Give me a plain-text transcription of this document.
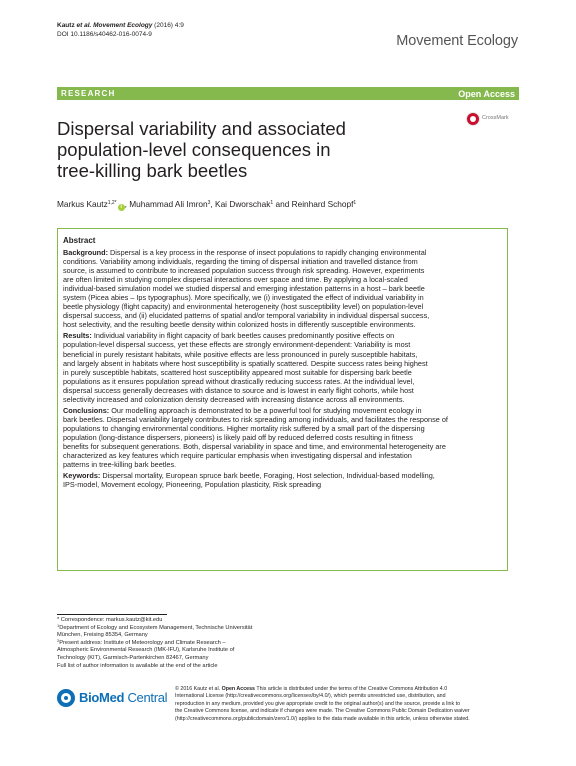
Kautz et al. Movement Ecology (2016) 4:9
DOI 10.1186/s40462-016-0074-9	Movement Ecology
RESEARCH	Open Access
CrossMark
Dispersal variability and associated
population-level consequences in
tree-killing bark beetles
Markus Kautz$^{1,2*}$i , Muhammad Ali Imron$^3$, Kai Dworschak$^1$ and Reinhard Schopf$^1$
Abstract
Background: Dispersal is a key process in the response of insect populations to rapidly changing environmental
conditions. Variability among individuals, regarding the timing of dispersal initiation and travelled distance from
source, is assumed to contribute to increased population success through risk spreading. However, experiments
are often limited in studying complex dispersal interactions over space and time. By applying a local-scaled
individual-based simulation model we studied dispersal and emerging infestation patterns in a host – bark beetle
system (Picea abies – Ips typographus). More specifically, we (i) investigated the effect of individual variability in
beetle physiology (flight capacity) and environmental heterogeneity (host susceptibility level) on population-level
dispersal success, and (ii) elucidated patterns of spatial and/or temporal variability in individual dispersal success,
host selectivity, and the resulting beetle density within colonized hosts in differently susceptible environments.
Results: Individual variability in flight capacity of bark beetles causes predominantly positive effects on
population-level dispersal success, yet these effects are strongly environment-dependent: Variability is most
beneficial in purely resistant habitats, while positive effects are less pronounced in purely susceptible habitats,
and largely absent in habitats where host susceptibility is spatially scattered. Despite success rates being highest
in purely susceptible habitats, scattered host susceptibility appeared most suitable for dispersing bark beetle
populations as it ensures population spread without drastically reducing success rates. At the individual level,
dispersal success generally decreases with distance to source and is lowest in early flight cohorts, while host
selectivity increased and colonization density decreased with increasing distance across all environments.
Conclusions: Our modelling approach is demonstrated to be a powerful tool for studying movement ecology in
bark beetles. Dispersal variability largely contributes to risk spreading among individuals, and facilitates the response of
populations to changing environmental conditions. Higher mortality risk suffered by a small part of the dispersing
population (long-distance dispersers, pioneers) is likely paid off by reduced deferred costs resulting in fitness
benefits for subsequent generations. Both, dispersal variability in space and time, and environmental heterogeneity are
characterized as key features which require particular emphasis when investigating dispersal and infestation
patterns in tree-killing bark beetles.
Keywords: Dispersal mortality, European spruce bark beetle, Foraging, Host selection, Individual-based modelling,
IPS-model, Movement ecology, Pioneering, Population plasticity, Risk spreading
* Correspondence: markus.kautz@kit.edu
$^1$Department of Ecology and Ecosystem Management, Technische Universität
München, Freising 85354, Germany
$^2$Present address: Institute of Meteorology and Climate Research –
Atmospheric Environmental Research (IMK-IFU), Karlsruhe Institute of
Technology (KIT), Garmisch-Partenkirchen 82467, Germany
Full list of author information is available at the end of the article
BioMed Central
© 2016 Kautz et al. Open Access This article is distributed under the terms of the Creative Commons Attribution 4.0
International License (http://creativecommons.org/licenses/by/4.0/), which permits unrestricted use, distribution, and
reproduction in any medium, provided you give appropriate credit to the original author(s) and the source, provide a link to
the Creative Commons license, and indicate if changes were made. The Creative Commons Public Domain Dedication waiver
(http://creativecommons.org/publicdomain/zero/1.0/) applies to the data made available in this article, unless otherwise stated.
